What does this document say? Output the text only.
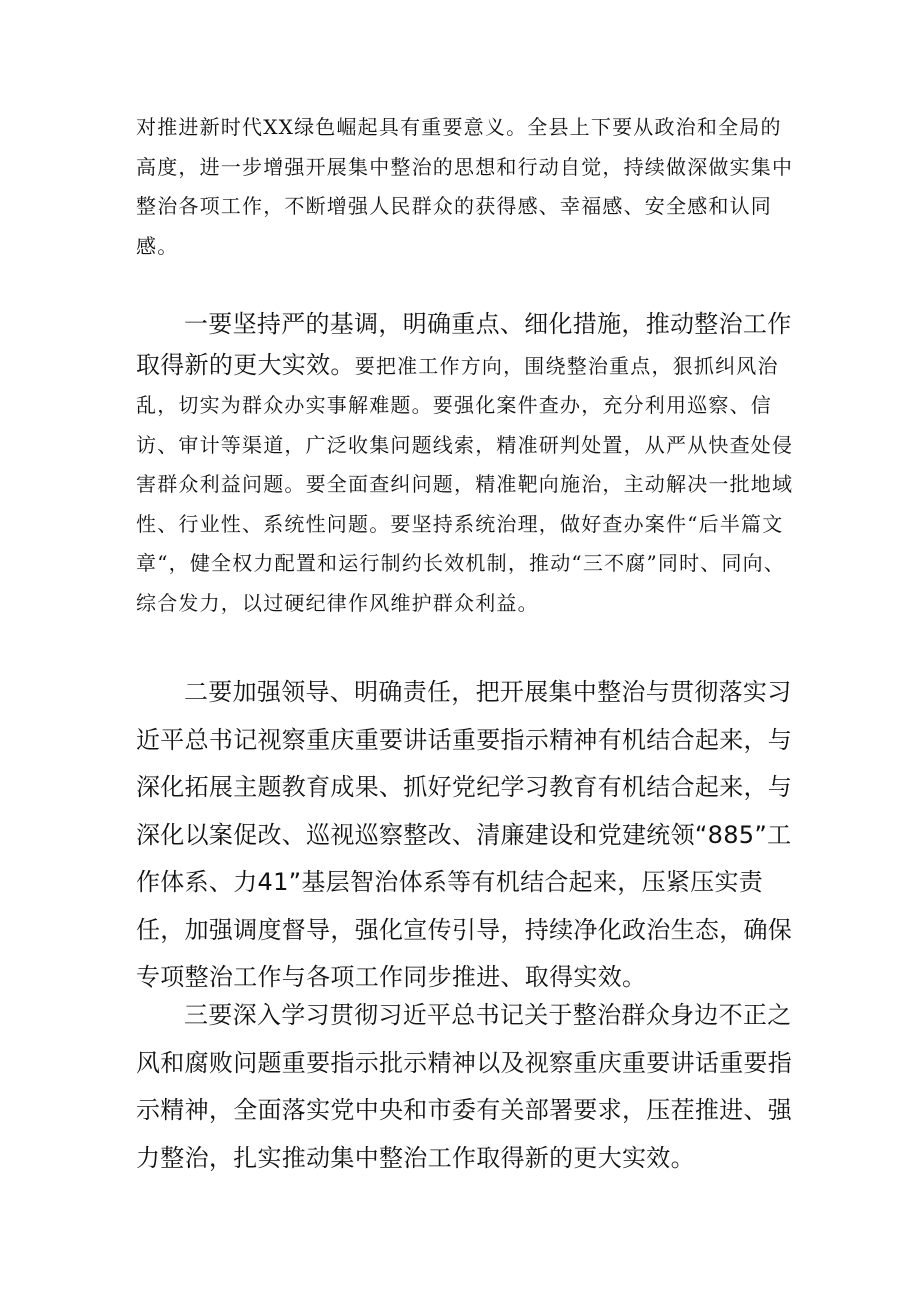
对推进新时代XX绿色崛起具有重要意义。全县上下要从政治和全局的高度，进一步增强开展集中整治的思想和行动自觉，持续做深做实集中整治各项工作，不断增强人民群众的获得感、幸福感、安全感和认同感。

一要坚持严的基调，明确重点、细化措施，推动整治工作取得新的更大实效。要把准工作方向，围绕整治重点，狠抓纠风治乱，切实为群众办实事解难题。要强化案件查办，充分利用巡察、信访、审计等渠道，广泛收集问题线索，精准研判处置，从严从快查处侵害群众利益问题。要全面查纠问题，精准靶向施治，主动解决一批地域性、行业性、系统性问题。要坚持系统治理，做好查办案件“后半篇文章“，健全权力配置和运行制约长效机制，推动“三不腐”同时、同向、综合发力，以过硬纪律作风维护群众利益。

二要加强领导、明确责任，把开展集中整治与贯彻落实习近平总书记视察重庆重要讲话重要指示精神有机结合起来，与深化拓展主题教育成果、抓好党纪学习教育有机结合起来，与深化以案促改、巡视巡察整改、清廉建设和党建统领“885”工作体系、力41”基层智治体系等有机结合起来，压紧压实责任，加强调度督导，强化宣传引导，持续净化政治生态，确保专项整治工作与各项工作同步推进、取得实效。

三要深入学习贯彻习近平总书记关于整治群众身边不正之风和腐败问题重要指示批示精神以及视察重庆重要讲话重要指示精神，全面落实党中央和市委有关部署要求，压茬推进、强力整治，扎实推动集中整治工作取得新的更大实效。
